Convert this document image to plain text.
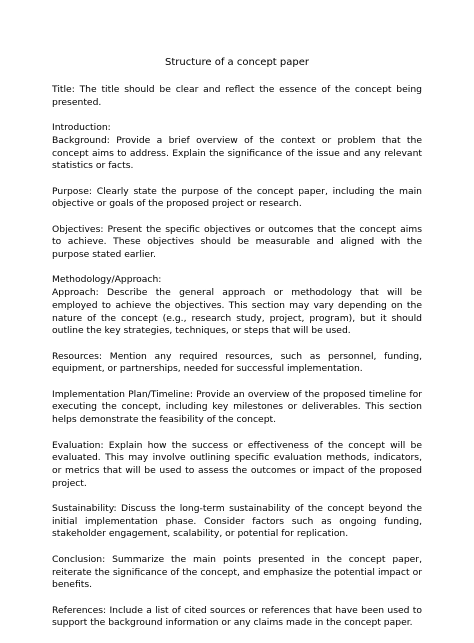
Structure of a concept paper

Title: The title should be clear and reflect the essence of the concept being presented.

Introduction:
Background: Provide a brief overview of the context or problem that the concept aims to address. Explain the significance of the issue and any relevant statistics or facts.

Purpose: Clearly state the purpose of the concept paper, including the main objective or goals of the proposed project or research.

Objectives: Present the specific objectives or outcomes that the concept aims to achieve. These objectives should be measurable and aligned with the purpose stated earlier.

Methodology/Approach:
Approach: Describe the general approach or methodology that will be employed to achieve the objectives. This section may vary depending on the nature of the concept (e.g., research study, project, program), but it should outline the key strategies, techniques, or steps that will be used.

Resources: Mention any required resources, such as personnel, funding, equipment, or partnerships, needed for successful implementation.

Implementation Plan/Timeline: Provide an overview of the proposed timeline for executing the concept, including key milestones or deliverables. This section helps demonstrate the feasibility of the concept.

Evaluation: Explain how the success or effectiveness of the concept will be evaluated. This may involve outlining specific evaluation methods, indicators, or metrics that will be used to assess the outcomes or impact of the proposed project.

Sustainability: Discuss the long-term sustainability of the concept beyond the initial implementation phase. Consider factors such as ongoing funding, stakeholder engagement, scalability, or potential for replication.

Conclusion: Summarize the main points presented in the concept paper, reiterate the significance of the concept, and emphasize the potential impact or benefits.

References: Include a list of cited sources or references that have been used to support the background information or any claims made in the concept paper.
